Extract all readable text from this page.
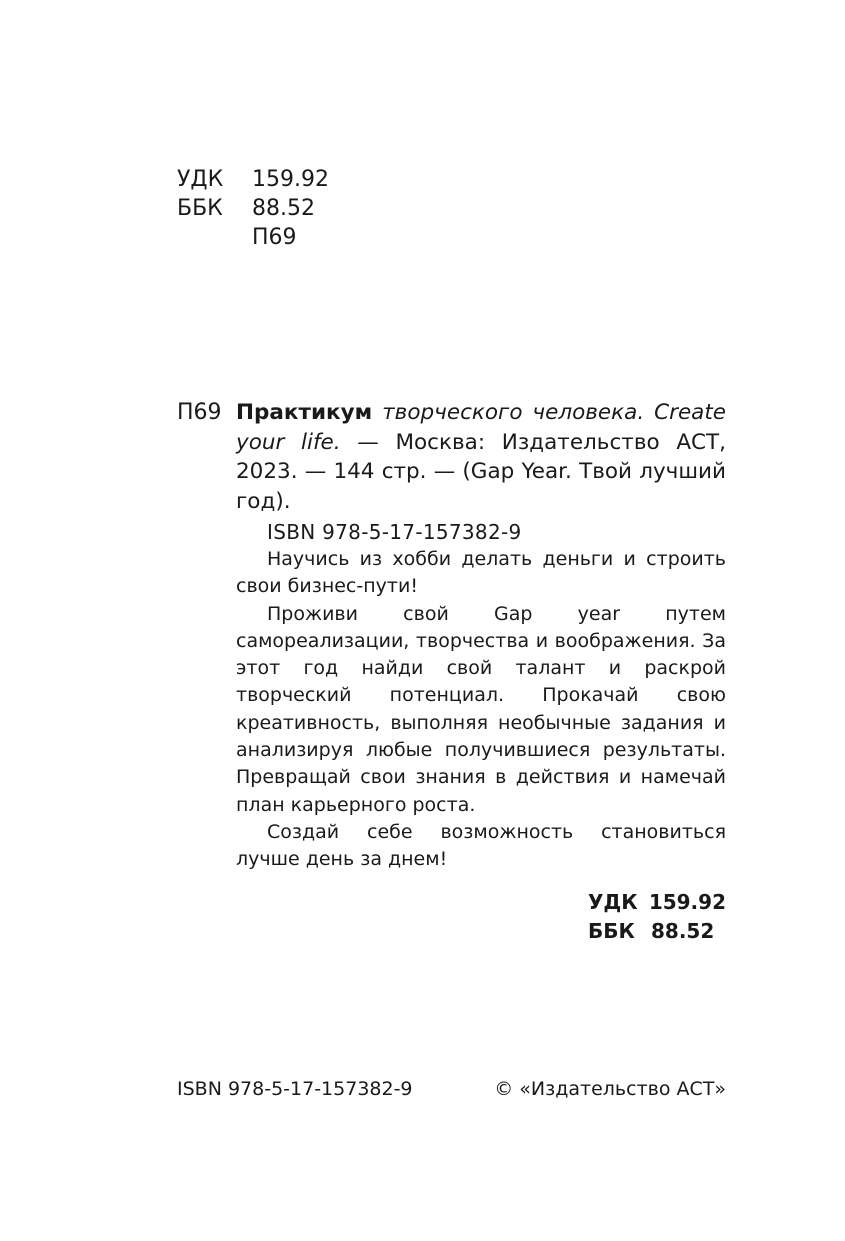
УДК 159.92
ББК 88.52
П69
П69 Практикум творческого человека. Create your life. — Москва: Издательство АСТ, 2023. — 144 стр. — (Gap Year. Твой лучший год).

ISBN 978-5-17-157382-9

Научись из хобби делать деньги и строить свои бизнес-пути!

Проживи свой Gap year путем самореализации, творчества и воображения. За этот год найди свой талант и раскрой творческий потенциал. Прокачай свою креативность, выполняя необычные задания и анализируя любые получившиеся результаты. Превращай свои знания в действия и намечай план карьерного роста.

Создай себе возможность становиться лучше день за днем!

УДК 159.92
ББК 88.52
ISBN 978-5-17-157382-9	© «Издательство АСТ»
